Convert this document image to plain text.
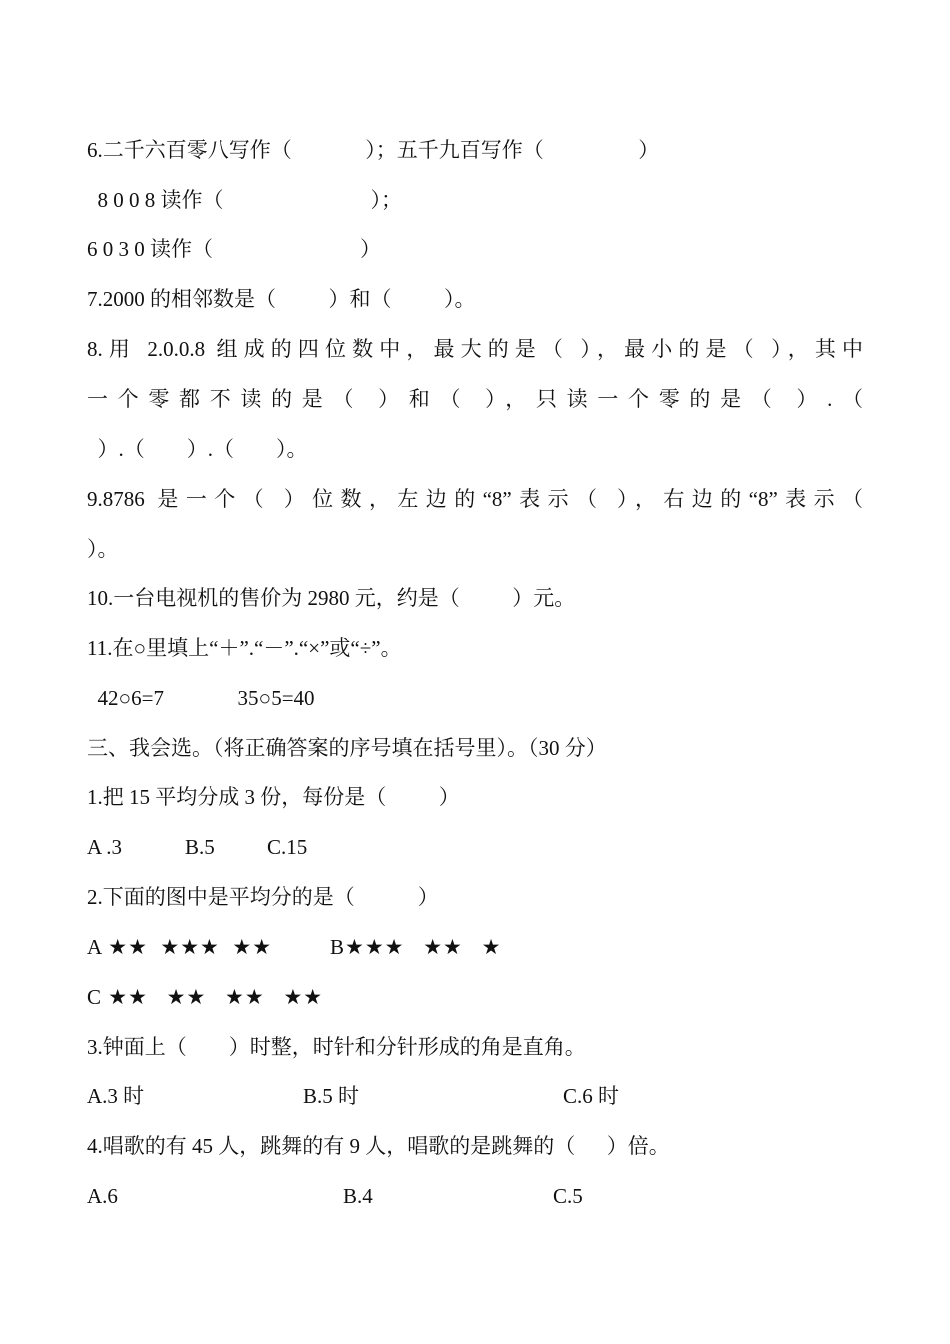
6.二千六百零八写作（              ）；五千九百写作（                  ）
8 0 0 8 读作（                            ）；
6 0 3 0 读作（                            ）
7.2000 的相邻数是（          ）和（          ）。
8.用 2.0.0.8 组成的四位数中，最大的是（ ），最小的是（ ），其中
一个零都不读的是（ ）和（ ），只读一个零的是（ ）.（
）.（        ）.（        ）。
9.8786 是一个（ ）位数，左边的“8”表示（ ），右边的“8”表示（
）。
10.一台电视机的售价为 2980 元，约是（          ）元。
11.在○里填上“＋”.“－”.“×”或“÷”。
42○6=7              35○5=40
三、我会选。（将正确答案的序号填在括号里）。（30 分）
1.把 15 平均分成 3 份，每份是（          ）

A .3

	B.5

C.15

2.下面的图中是平均分的是（            ）

A ★★  ★★★  ★★

	B★★★   ★★   ★

C ★★   ★★   ★★   ★★
3.钟面上（        ）时整，时针和分针形成的角是直角。

A.3 时

	B.5 时

	C.6 时

4.唱歌的有 45 人，跳舞的有 9 人，唱歌的是跳舞的（      ）倍。

A.6

	B.4

	C.5
